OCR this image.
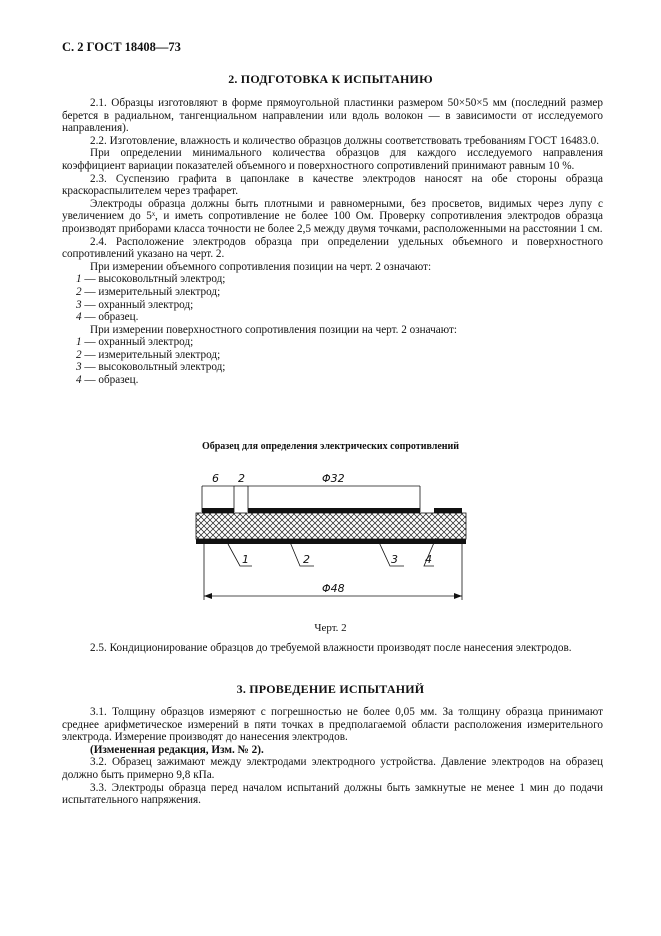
С. 2 ГОСТ 18408—73
2. ПОДГОТОВКА К ИСПЫТАНИЮ

2.1. Образцы изготовляют в форме прямоугольной пластинки размером 50×50×5 мм (последний размер берется в радиальном, тангенциальном направлении или вдоль волокон — в зависимости от исследуемого направления).

2.2. Изготовление, влажность и количество образцов должны соответствовать требованиям ГОСТ 16483.0.

При определении минимального количества образцов для каждого исследуемого направления коэффициент вариации показателей объемного и поверхностного сопротивлений принимают равным 10 %.

2.3. Суспензию графита в цапонлаке в качестве электродов наносят на обе стороны образца краскораспылителем через трафарет.

Электроды образца должны быть плотными и равномерными, без просветов, видимых через лупу с увеличением до 5ˣ, и иметь сопротивление не более 100 Ом. Проверку сопротивления электродов образца производят приборами класса точности не более 2,5 между двумя точками, расположенными на расстоянии 1 см.

2.4. Расположение электродов образца при определении удельных объемного и поверхностного сопротивлений указано на черт. 2.

При измерении объемного сопротивления позиции на черт. 2 означают:

1 — высоковольтный электрод;
2 — измерительный электрод;
3 — охранный электрод;
4 — образец.

При измерении поверхностного сопротивления позиции на черт. 2 означают:

1 — охранный электрод;
2 — измерительный электрод;
3 — высоковольтный электрод;
4 — образец.
Образец для определения электрических сопротивлений
6 2	Φ32
1	2	3 4
Φ48
Черт. 2

2.5. Кондиционирование образцов до требуемой влажности производят после нанесения электродов.

3. ПРОВЕДЕНИЕ ИСПЫТАНИЙ

3.1. Толщину образцов измеряют с погрешностью не более 0,05 мм. За толщину образца принимают среднее арифметическое измерений в пяти точках в предполагаемой области расположения измерительного электрода. Измерение производят до нанесения электродов.

(Измененная редакция, Изм. № 2).

3.2. Образец зажимают между электродами электродного устройства. Давление электродов на образец должно быть примерно 9,8 кПа.

3.3. Электроды образца перед началом испытаний должны быть замкнутые не менее 1 мин до подачи испытательного напряжения.
